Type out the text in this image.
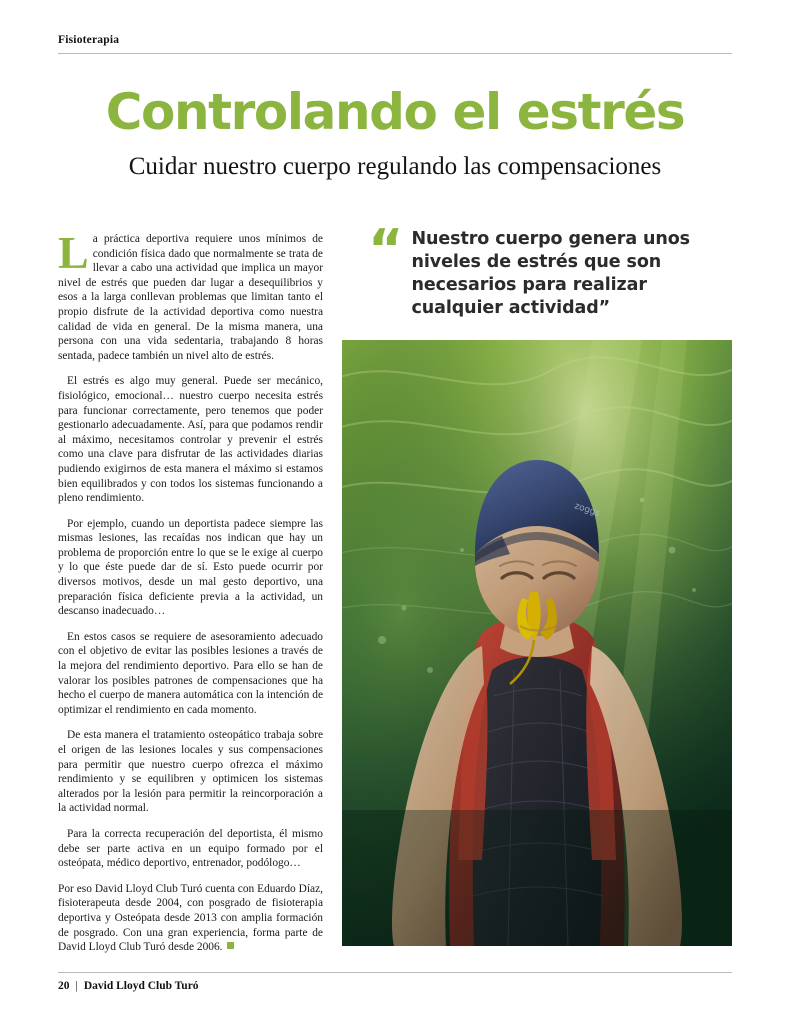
Fisioterapia
Controlando el estrés
Cuidar nuestro cuerpo regulando las compensaciones

La práctica deportiva requiere unos mínimos de condición física dado que normalmente se trata de llevar a cabo una actividad que implica un mayor nivel de estrés que pueden dar lugar a desequilibrios y esos a la larga conllevan problemas que limitan tanto el propio disfrute de la actividad deportiva como nuestra calidad de vida en general. De la misma manera, una persona con una vida sedentaria, trabajando 8 horas sentada, padece también un nivel alto de estrés.

El estrés es algo muy general. Puede ser mecánico, fisiológico, emocional… nuestro cuerpo necesita estrés para funcionar correctamente, pero tenemos que poder gestionarlo adecuadamente. Así, para que podamos rendir al máximo, necesitamos controlar y prevenir el estrés como una clave para disfrutar de las actividades diarias pudiendo exigirnos de esta manera el máximo si estamos bien equilibrados y con todos los sistemas funcionando a pleno rendimiento.

Por ejemplo, cuando un deportista padece siempre las mismas lesiones, las recaídas nos indican que hay un problema de proporción entre lo que se le exige al cuerpo y lo que éste puede dar de sí. Esto puede ocurrir por diversos motivos, desde un mal gesto deportivo, una preparación física deficiente previa a la actividad, un descanso inadecuado…

En estos casos se requiere de asesoramiento adecuado con el objetivo de evitar las posibles lesiones a través de la mejora del rendimiento deportivo. Para ello se han de valorar los posibles patrones de compensaciones que ha hecho el cuerpo de manera automática con la intención de optimizar el rendimiento en cada momento.

De esta manera el tratamiento osteopático trabaja sobre el origen de las lesiones locales y sus compensaciones para permitir que nuestro cuerpo ofrezca el máximo rendimiento y se equilibren y optimicen los sistemas alterados por la lesión para permitir la reincorporación a la actividad normal.

Para la correcta recuperación del deportista, él mismo debe ser parte activa en un equipo formado por el osteópata, médico deportivo, entrenador, podólogo…

Por eso David Lloyd Club Turó cuenta con Eduardo Díaz, fisioterapeuta desde 2004, con posgrado de fisioterapia deportiva y Osteópata desde 2013 con amplia formación de posgrado. Con una gran experiencia, forma parte de David Lloyd Club Turó desde 2006.

“ Nuestro cuerpo genera unos niveles de estrés que son necesarios para realizar cualquier actividad”
zoggs
20 | David Lloyd Club Turó
